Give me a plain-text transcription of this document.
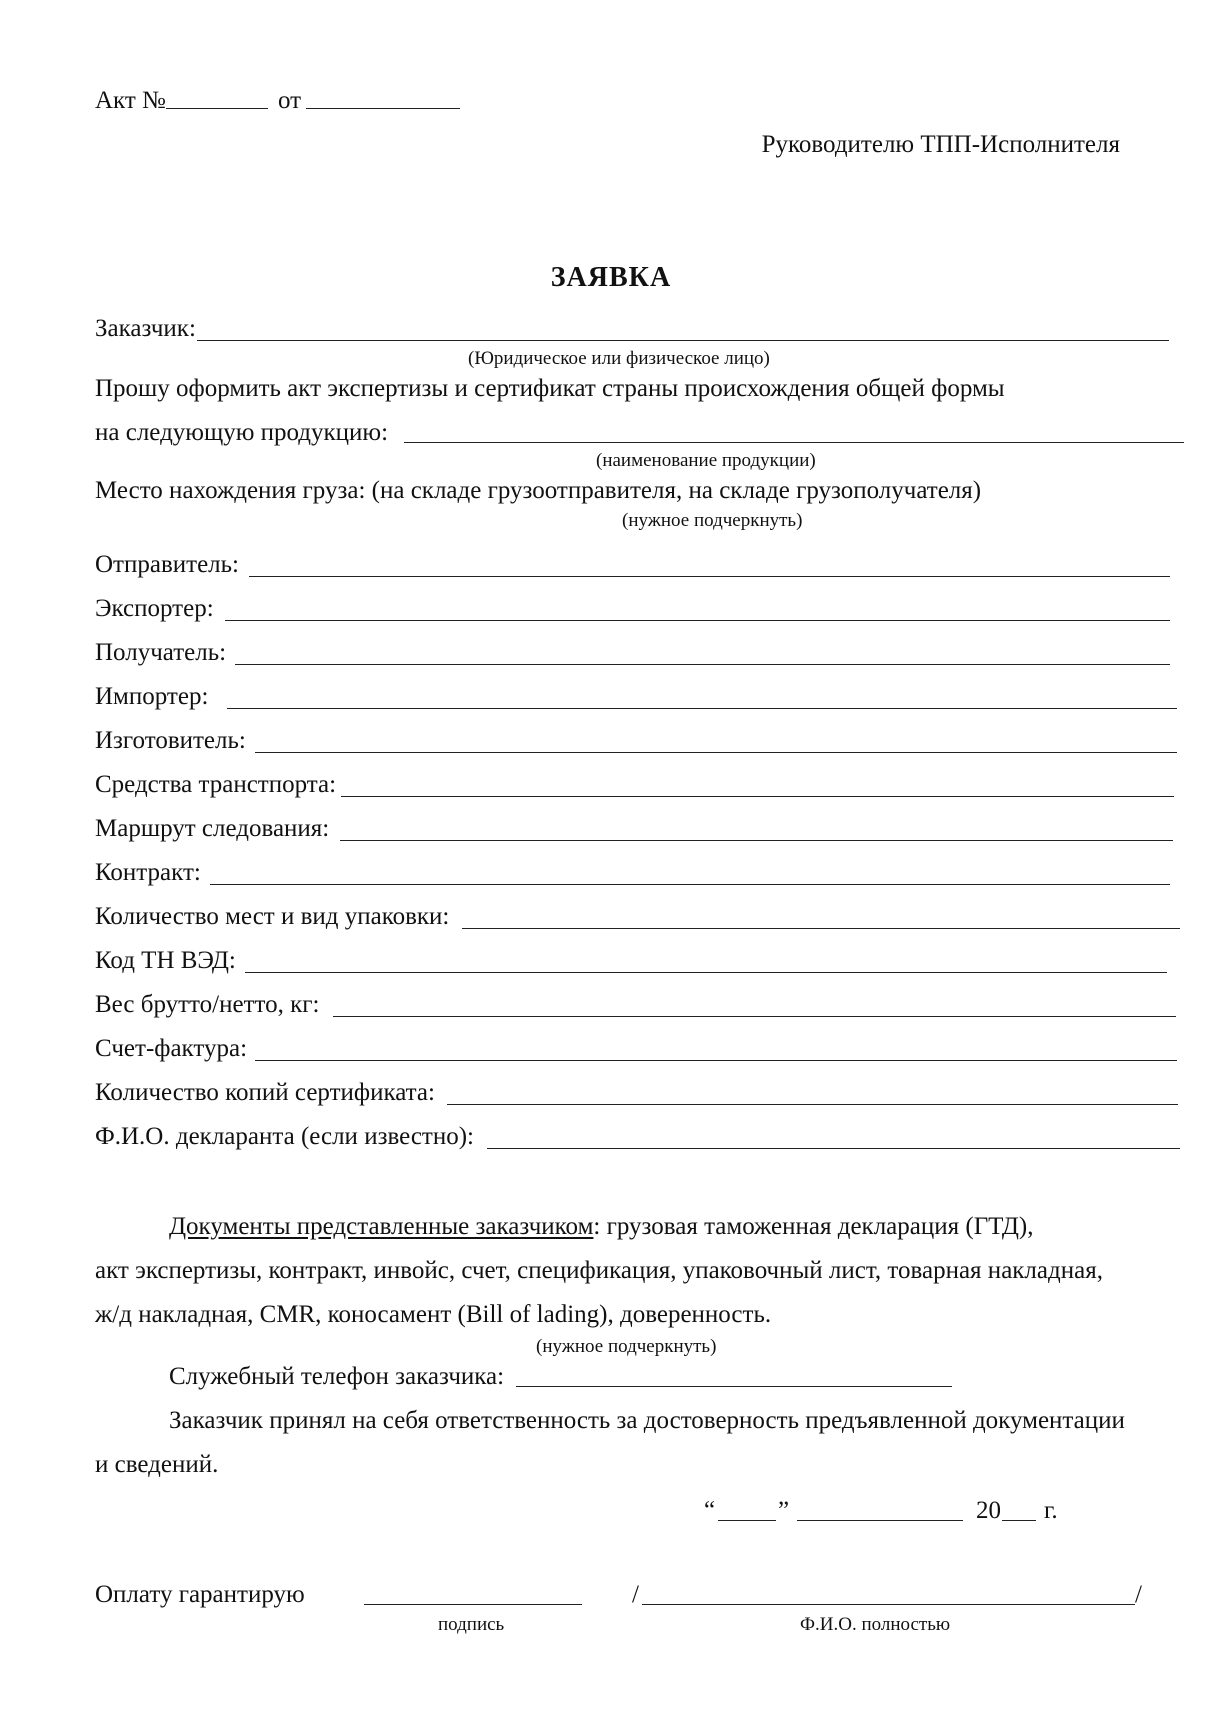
Акт №	от
Руководителю ТПП-Исполнителя
ЗАЯВКА
Заказчик:
(Юридическое или физическое лицо)
Прошу оформить акт экспертизы и сертификат страны происхождения общей формы
на следующую продукцию:
(наименование продукции)
Место нахождения груза: (на складе грузоотправителя, на складе грузополучателя)
(нужное подчеркнуть)
Отправитель:
Экспортер:
Получатель:
Импортер:
Изготовитель:
Средства транстпорта:
Маршрут следования:
Контракт:
Количество мест и вид упаковки:
Код ТН ВЭД:
Вес брутто/нетто, кг:
Счет-фактура:
Количество копий сертификата:
Ф.И.О. декларанта (если известно):
Документы представленные заказчиком: грузовая таможенная декларация (ГТД),
акт экспертизы, контракт, инвойс, счет, спецификация, упаковочный лист, товарная накладная,
ж/д накладная, CMR, коносамент (Bill of lading), доверенность.
(нужное подчеркнуть)
Служебный телефон заказчика:
Заказчик принял на себя ответственность за достоверность предъявленной документации
и сведений.
“	”	20 г.
Оплату гарантирую	/	/
подпись	Ф.И.О. полностью
